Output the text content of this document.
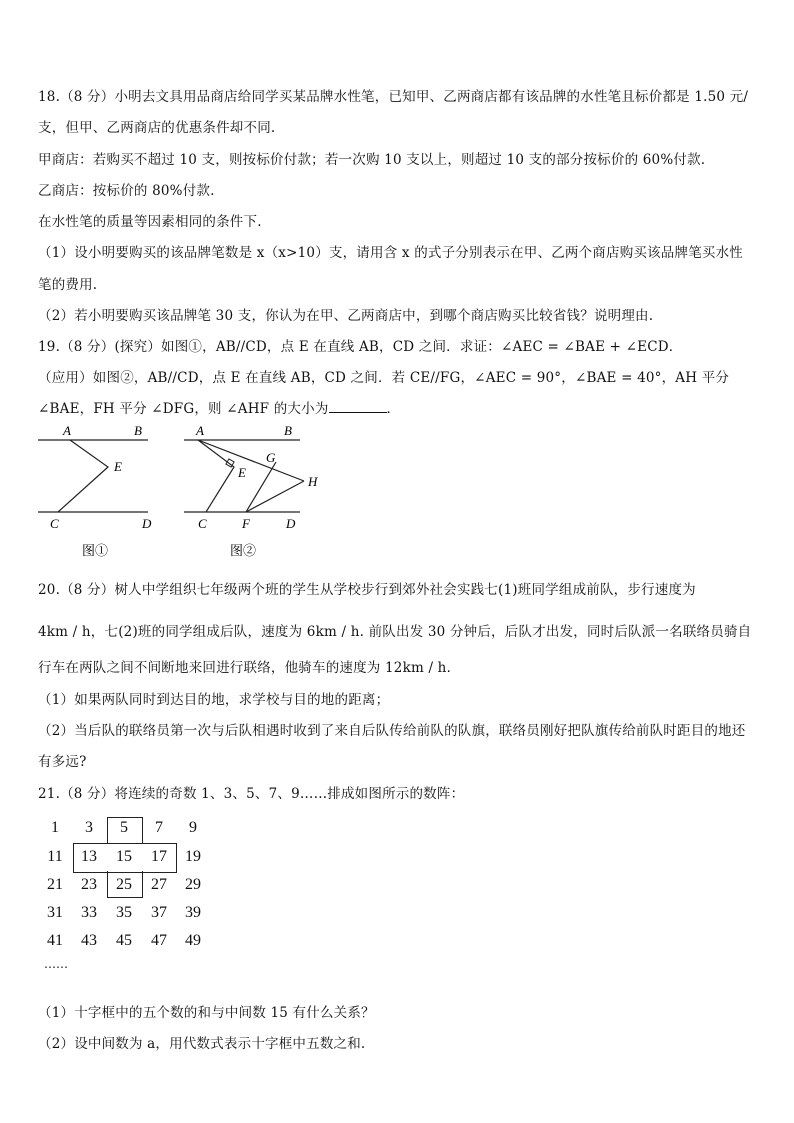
18.（8 分）小明去文具用品商店给同学买某品牌水性笔，已知甲、乙两商店都有该品牌的水性笔且标价都是 1.50 元/
支，但甲、乙两商店的优惠条件却不同.
甲商店：若购买不超过 10 支，则按标价付款；若一次购 10 支以上，则超过 10 支的部分按标价的 60%付款.
乙商店：按标价的 80%付款.
在水性笔的质量等因素相同的条件下.
（1）设小明要购买的该品牌笔数是 x（x>10）支，请用含 x 的式子分别表示在甲、乙两个商店购买该品牌笔买水性
笔的费用.
（2）若小明要购买该品牌笔 30 支，你认为在甲、乙两商店中，到哪个商店购买比较省钱？说明理由.
19.（8 分）(探究）如图①，AB//CD，点 E 在直线 AB，CD 之间．求证：∠AEC = ∠BAE + ∠ECD．
（应用）如图②，AB//CD，点 E 在直线 AB，CD 之间．若 CE//FG，∠AEC = 90°，∠BAE = 40°，AH 平分
∠BAE，FH 平分 ∠DFG，则 ∠AHF 的大小为	．
A	B
E
C	D
图①
A	B
G
E
H
C	F	D
图②
20.（8 分）树人中学组织七年级两个班的学生从学校步行到郊外社会实践七(1)班同学组成前队，步行速度为
4km / h，七(2)班的同学组成后队，速度为 6km / h. 前队出发 30 分钟后，后队才出发，同时后队派一名联络员骑自
行车在两队之间不间断地来回进行联络，他骑车的速度为 12km / h．
（1）如果两队同时到达目的地，求学校与目的地的距离；
（2）当后队的联络员第一次与后队相遇时收到了来自后队传给前队的队旗，联络员刚好把队旗传给前队时距目的地还
有多远?
21.（8 分）将连续的奇数 1、3、5、7、9……排成如图所示的数阵：
1	3	5	7	9
11	13	15	17	19
21	23	25	27	29
31	33	35	37	39
41	43	45	47	49
……
（1）十字框中的五个数的和与中间数 15 有什么关系？
（2）设中间数为 a，用代数式表示十字框中五数之和.
